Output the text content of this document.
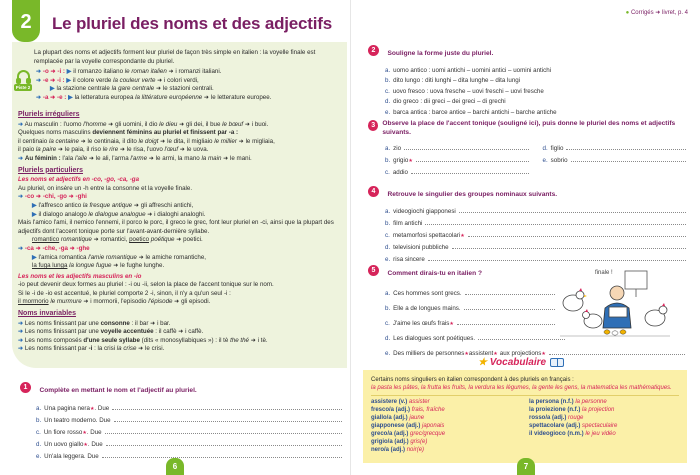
2 Le pluriel des noms et des adjectifs
● Corrigés ➜ livret, p. 4
La plupart des noms et adjectifs forment leur pluriel de façon très simple en italien : la voyelle finale est remplacée par la voyelle correspondante du pluriel.
Piste 2

➜ -o ➜ -i : ▶ il romanzo italiano le roman italien ➜ i romanzi italiani.

➜ -e ➜ -i : ▶ il colore verde la couleur verte ➜ i colori verdi,

▶ la stazione centrale la gare centrale ➜ le stazioni centrali.

➜ -a ➜ -e : ▶ la letteratura europea la littérature européenne ➜ le letterature europee.

Pluriels irréguliers

➜ Au masculin : l'uomo l'homme ➜ gli uomini, il dio le dieu ➜ gli dei, il bue le bœuf ➜ i buoi.

Quelques noms masculins deviennent féminins au pluriel et finissent par -a :

il centinaio la centaine ➜ le centinaia, il dito le doigt ➜ le dita, il migliaio le millier ➜ le migliaia,

il paio la paire ➜ le paia, il riso le rire ➜ le risa, l'uovo l'œuf ➜ le uova.

➜ Au féminin : l'ala l'aile ➜ le ali, l'arma l'arme ➜ le armi, la mano la main ➜ le mani.

Pluriels particuliers

Les noms et adjectifs en -co, -go, -ca, -ga

Au pluriel, on insère un -h entre la consonne et la voyelle finale.

➜ -co ➜ -chi, -go ➜ -ghi

▶ l'affresco antico la fresque antique ➜ gli affreschi antichi,

▶ il dialogo analogo le dialogue analogue ➜ i dialoghi analoghi.

Mais l'amico l'ami, il nemico l'ennemi, il porco le porc, il greco le grec, font leur pluriel en -ci, ainsi que la plupart des adjectifs dont l'accent tonique porte sur l'avant-avant-dernière syllabe.

romantico romantique ➜ romantici, poetico poétique ➜ poetici.

➜ -ca ➜ -che, -ga ➜ -ghe

▶ l'amica romantica l'amie romantique ➜ le amiche romantiche,

la fuga lunga la longue fugue ➜ le fughe lunghe.

Les noms et les adjectifs masculins en -io

-io peut devenir deux formes au pluriel : -i ou -ii, selon la place de l'accent tonique sur le nom.

Si le -i de -io est accentué, le pluriel comporte 2 -i, sinon, il n'y a qu'un seul -i :

il mormorio le murmure ➜ i mormorii, l'episodio l'épisode ➜ gli episodi.

Noms invariables

➜ Les noms finissant par une consonne : il bar ➜ i bar.

➜ Les noms finissant par une voyelle accentuée : il caffè ➜ i caffè.

➜ Les noms composés d'une seule syllabe (dits « monosyllabiques ») : il tè the thé ➜ i tè.

➜ Les noms finissant par -i : la crisi la crise ➜ le crisi.

1 Complète en mettant le nom et l'adjectif au pluriel.
a. Una pagina nera ★ . Due
b. Un teatro moderno. Due
c. Un fiore rosso ★ . Due
d. Un uovo giallo ★ . Due
e. Un'ala leggera. Due
2 Souligne la forme juste du pluriel.
a. uomo antico : uomi antichi – uomini antici – uomini antichi
b. dito lungo : diti lunghi – dita lunghe – dita lungi
c. uovo fresco : uova fresche – uovi freschi – uovi fresche
d. dio greco : dii greci – dei greci – di grechi
e. barca antica : barce antice – barchi antichi – barche antiche
3	Observe la place de l'accent tonique (souligné ici), puis donne le pluriel des noms et adjectifs suivants.
a. zio	d. figlio
b. grigio ★	e. sobrio
c. addio
4 Retrouve le singulier des groupes nominaux suivants.
a. videogiochi giapponesi
b. film antichi
c. metamorfosi spettacolari ★
d. televisioni pubbliche
e. risa sincere
5 Comment dirais-tu en italien ?
a. Ces hommes sont grecs.
b. Elle a de longues mains.
c. J'aime les œufs frais ★
d. Les dialogues sont poétiques.
e. Des milliers de personnes ★ assistent ★ aux projections ★
finale !
★ Vocabulaire
Certains noms singuliers en italien correspondent à des pluriels en français :
la pasta les pâtes, la frutta les fruits, la verdura les légumes, la gente les gens, la matematica les mathématiques.
assistere (v.) assister
fresco/a (adj.) frais, fraîche
giallo/a (adj.) jaune
giapponese (adj.) japonais
greco/a (adj.) grec/grecque
grigio/a (adj.) gris(e)
nero/a (adj.) noir(e)
la persona (n.f.) la personne
la proiezione (n.f.) la projection
rosso/a (adj.) rouge
spettacolare (adj.) spectaculaire
il videogioco (n.m.) le jeu vidéo
6	7
